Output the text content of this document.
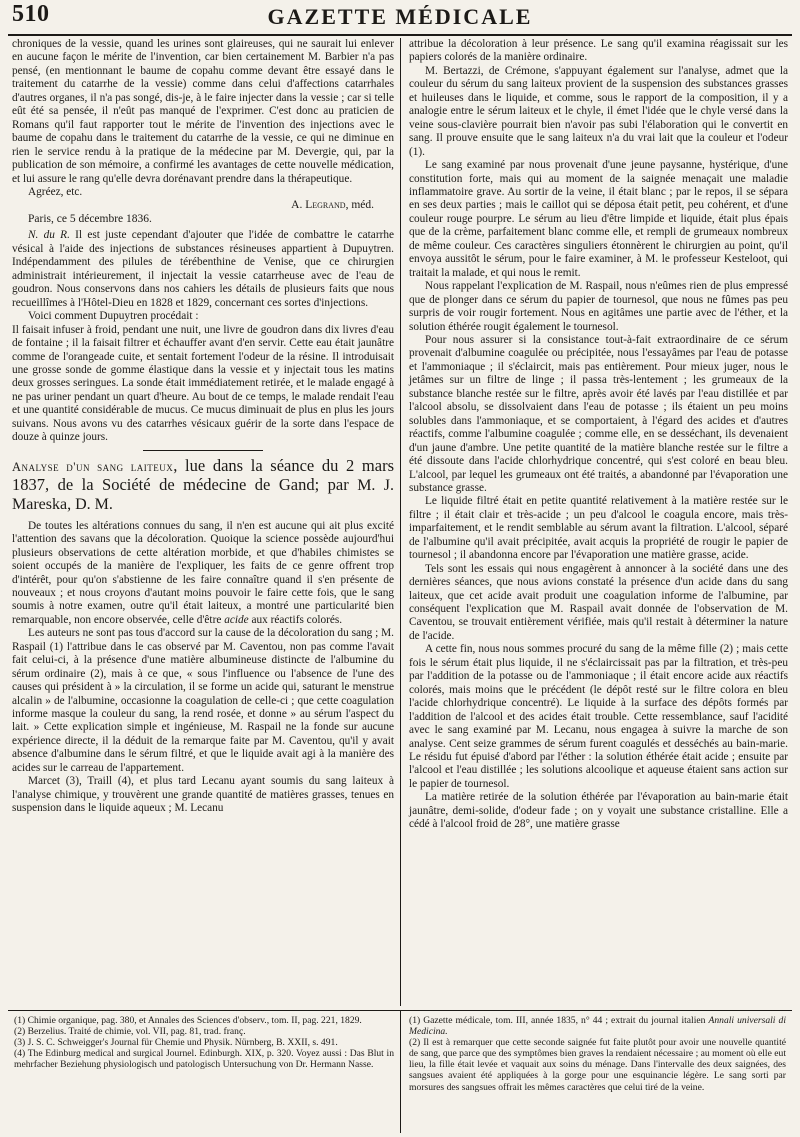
510	GAZETTE MÉDICALE

chroniques de la vessie, quand les urines sont glaireuses, qui ne saurait lui enlever en aucune façon le mérite de l'invention, car bien certainement M. Barbier n'a pas pensé, (en mentionnant le baume de copahu comme devant être essayé dans le traitement du catarrhe de la vessie) comme dans celui d'affections catarrhales d'autres organes, il n'a pas songé, dis-je, à le faire injecter dans la vessie ; car si telle eût été sa pensée, il n'eût pas manqué de l'exprimer. C'est donc au praticien de Romans qu'il faut rapporter tout le mérite de l'invention des injections avec le baume de copahu dans le traitement du catarrhe de la vessie, ce qui ne diminue en rien le service rendu à la pratique de la médecine par M. Devergie, qui, par la publication de son mémoire, a confirmé les avantages de cette nouvelle médication, et lui assure le rang qu'elle devra dorénavant prendre dans la thérapeutique.

Agréez, etc.

A. Legrand, méd.
Paris, ce 5 décembre 1836.

N. du R. Il est juste cependant d'ajouter que l'idée de combattre le catarrhe vésical à l'aide des injections de substances résineuses appartient à Dupuytren. Indépendamment des pilules de térébenthine de Venise, que ce chirurgien administrait intérieurement, il injectait la vessie catarrheuse avec de l'eau de goudron. Nous conservons dans nos cahiers les détails de plusieurs faits que nous recueillîmes à l'Hôtel-Dieu en 1828 et 1829, concernant ces sortes d'injections.

Voici comment Dupuytren procédait :

Il faisait infuser à froid, pendant une nuit, une livre de goudron dans dix livres d'eau de fontaine ; il la faisait filtrer et échauffer avant d'en servir. Cette eau était jaunâtre comme de l'orangeade cuite, et sentait fortement l'odeur de la résine. Il introduisait une grosse sonde de gomme élastique dans la vessie et y injectait tous les matins deux grosses seringues. La sonde était immédiatement retirée, et le malade engagé à ne pas uriner pendant un quart d'heure. Au bout de ce temps, le malade rendait l'eau et une quantité considérable de mucus. Ce mucus diminuait de plus en plus les jours suivans. Nous avons vu des catarrhes vésicaux guérir de la sorte dans l'espace de douze à quinze jours.

Analyse d'un sang laiteux, lue dans la séance du 2 mars 1837, de la Société de médecine de Gand; par M. J. Mareska, D. M.

De toutes les altérations connues du sang, il n'en est aucune qui ait plus excité l'attention des savans que la décoloration. Quoique la science possède aujourd'hui plusieurs observations de cette altération morbide, et que d'habiles chimistes se soient occupés de la manière de l'expliquer, les faits de ce genre offrent trop d'intérêt, pour qu'on s'abstienne de les faire connaître quand il s'en présente de nouveaux ; et nous croyons d'autant moins pouvoir le faire cette fois, que le sang soumis à notre examen, outre qu'il était laiteux, a montré une particularité bien remarquable, non encore observée, celle d'être acide aux réactifs colorés.

Les auteurs ne sont pas tous d'accord sur la cause de la décoloration du sang ; M. Raspail (1) l'attribue dans le cas observé par M. Caventou, non pas comme l'avait fait celui-ci, à la présence d'une matière albumineuse distincte de l'albumine du sérum ordinaire (2), mais à ce que, « sous l'influence ou l'absence de l'une des causes qui président à » la circulation, il se forme un acide qui, saturant le menstrue alcalin » de l'albumine, occasionne la coagulation de celle-ci ; que cette coagulation informe masque la couleur du sang, la rend rosée, et donne » au sérum l'aspect du lait. » Cette explication simple et ingénieuse, M. Raspail ne la fonde sur aucune expérience directe, il la déduit de la remarque faite par M. Caventou, qu'il y avait absence d'albumine dans le sérum filtré, et que le liquide avait agi à la manière des acides sur le carreau de l'appartement.

Marcet (3), Traill (4), et plus tard Lecanu ayant soumis du sang laiteux à l'analyse chimique, y trouvèrent une grande quantité de matières grasses, tenues en suspension dans le liquide aqueux ; M. Lecanu

attribue la décoloration à leur présence. Le sang qu'il examina réagissait sur les papiers colorés de la manière ordinaire.

M. Bertazzi, de Crémone, s'appuyant également sur l'analyse, admet que la couleur du sérum du sang laiteux provient de la suspension des substances grasses et huileuses dans le liquide, et comme, sous le rapport de la composition, il y a analogie entre le sérum laiteux et le chyle, il émet l'idée que le chyle versé dans la veine sous-clavière pourrait bien n'avoir pas subi l'élaboration qui le convertit en sang. Il prouve ensuite que le sang laiteux n'a du vrai lait que la couleur et l'odeur (1).

Le sang examiné par nous provenait d'une jeune paysanne, hystérique, d'une constitution forte, mais qui au moment de la saignée menaçait une maladie inflammatoire grave. Au sortir de la veine, il était blanc ; par le repos, il se sépara en ses deux parties ; mais le caillot qui se déposa était petit, peu cohérent, et d'une couleur rouge pourpre. Le sérum au lieu d'être limpide et liquide, était plus épais que de la crème, parfaitement blanc comme elle, et rempli de grumeaux nombreux de même couleur. Ces caractères singuliers étonnèrent le chirurgien au point, qu'il envoya aussitôt le sérum, pour le faire examiner, à M. le professeur Kesteloot, qui traitait la malade, et qui nous le remit.

Nous rappelant l'explication de M. Raspail, nous n'eûmes rien de plus empressé que de plonger dans ce sérum du papier de tournesol, que nous ne fûmes pas peu surpris de voir rougir fortement. Nous en agitâmes une partie avec de l'éther, et la solution éthérée rougit également le tournesol.

Pour nous assurer si la consistance tout-à-fait extraordinaire de ce sérum provenait d'albumine coagulée ou précipitée, nous l'essayâmes par l'eau de potasse et l'ammoniaque ; il s'éclaircit, mais pas entièrement. Pour mieux juger, nous le jetâmes sur un filtre de linge ; il passa très-lentement ; les grumeaux de la substance blanche restée sur le filtre, après avoir été lavés par l'eau distillée et par l'alcool absolu, se dissolvaient dans l'eau de potasse ; ils étaient un peu moins solubles dans l'ammoniaque, et se comportaient, à l'égard des acides et d'autres réactifs, comme l'albumine coagulée ; comme elle, en se desséchant, ils devenaient d'un jaune d'ambre. Une petite quantité de la matière blanche restée sur le filtre a été dissoute dans l'acide chlorhydrique concentré, qui s'est coloré en beau bleu. L'alcool, par lequel les grumeaux ont été traités, a abandonné par l'évaporation une substance grasse.

Le liquide filtré était en petite quantité relativement à la matière restée sur le filtre ; il était clair et très-acide ; un peu d'alcool le coagula encore, mais très-imparfaitement, et le rendit semblable au sérum avant la filtration. L'alcool, séparé de l'albumine qu'il avait précipitée, avait acquis la propriété de rougir le papier de tournesol ; il abandonna encore par l'évaporation une matière grasse, acide.

Tels sont les essais qui nous engagèrent à annoncer à la société dans une des dernières séances, que nous avions constaté la présence d'un acide dans du sang laiteux, que cet acide avait produit une coagulation informe de l'albumine, par conséquent l'explication que M. Raspail avait donnée de l'observation de M. Caventou, se trouvait entièrement vérifiée, mais qu'il restait à déterminer la nature de l'acide.

A cette fin, nous nous sommes procuré du sang de la même fille (2) ; mais cette fois le sérum était plus liquide, il ne s'éclaircissait pas par la filtration, et très-peu par l'addition de la potasse ou de l'ammoniaque ; il était encore acide aux réactifs colorés, mais moins que le précédent (le dépôt resté sur le filtre colora en bleu l'acide chlorhydrique concentré). Le liquide à la surface des dépôts formés par l'addition de l'alcool et des acides était trouble. Cette ressemblance, sauf l'acidité avec le sang examiné par M. Lecanu, nous engagea à suivre la marche de son analyse. Cent seize grammes de sérum furent coagulés et desséchés au bain-marie. Le résidu fut épuisé d'abord par l'éther : la solution éthérée était acide ; ensuite par l'alcool et l'eau distillée ; les solutions alcoolique et aqueuse étaient sans action sur le papier de tournesol.

La matière retirée de la solution éthérée par l'évaporation au bain-marie était jaunâtre, demi-solide, d'odeur fade ; on y voyait une substance cristalline. Elle a cédé à l'alcool froid de 28°, une matière grasse

(1) Chimie organique, pag. 380, et Annales des Sciences d'observ., tom. II, pag. 221, 1829.

(2) Berzelius. Traité de chimie, vol. VII, pag. 81, trad. franç.

(3) J. S. C. Schweigger's Journal für Chemie und Physik. Nürnberg, B. XXII, s. 491.

(4) The Edinburg medical and surgical Journel. Edinburgh. XIX, p. 320. Voyez aussi : Das Blut in mehrfacher Beziehung physiologisch und patologisch Untersuchung von Dr. Hermann Nasse.

(1) Gazette médicale, tom. III, année 1835, n° 44 ; extrait du journal italien Annali universali di Medicina.

(2) Il est à remarquer que cette seconde saignée fut faite plutôt pour avoir une nouvelle quantité de sang, que parce que des symptômes bien graves la rendaient nécessaire ; au moment où elle eut lieu, la fille était levée et vaquait aux soins du ménage. Dans l'intervalle des deux saignées, des sangsues avaient été appliquées à la gorge pour une esquinancie légère. Le sang sorti par morsures des sangsues offrait les mêmes caractères que celui tiré de la veine.
